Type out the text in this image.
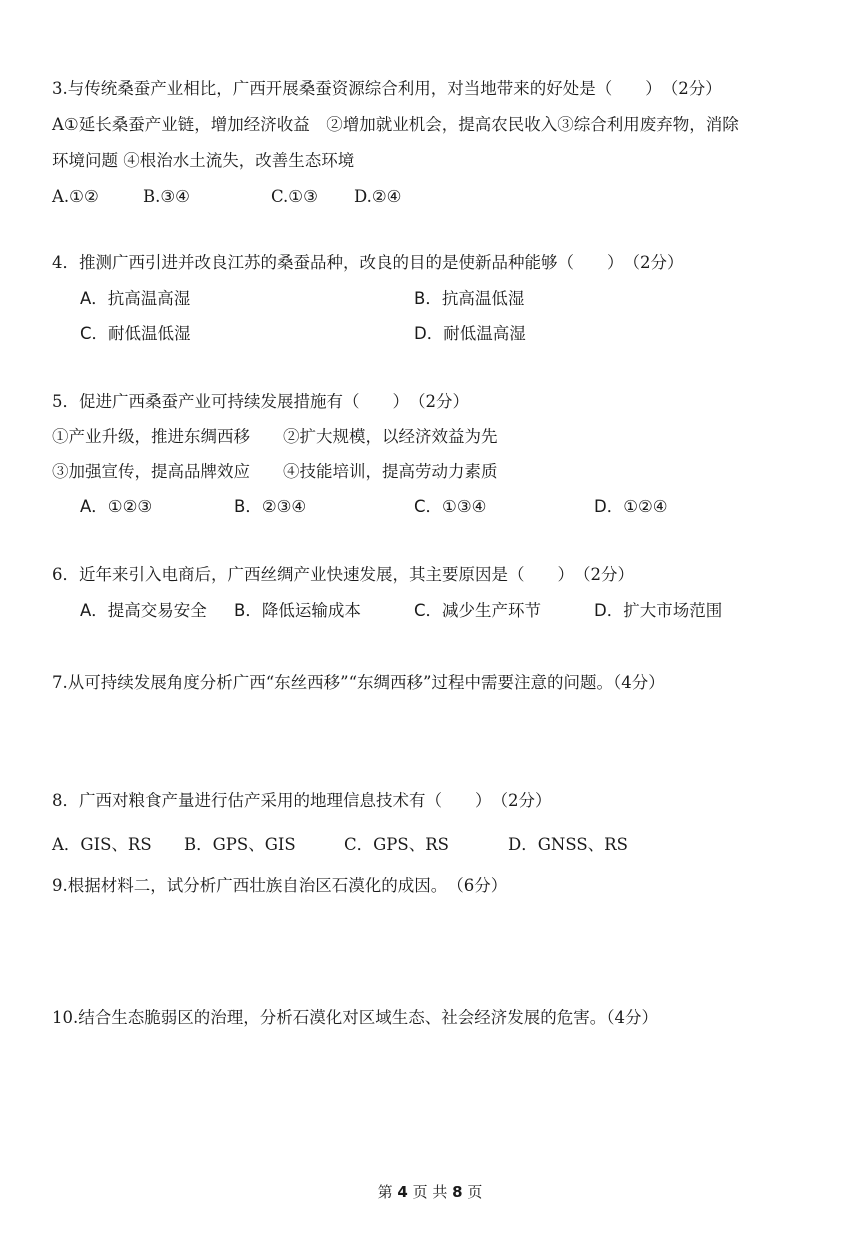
3.与传统桑蚕产业相比，广西开展桑蚕资源综合利用，对当地带来的好处是（　　）　（2分）
A①延长桑蚕产业链，增加经济收益　②增加就业机会，提高农民收入③综合利用废弃物，消除
环境问题 ④根治水土流失，改善生态环境
A.①②	B.③④	C.①③ D.②④
4．推测广西引进并改良江苏的桑蚕品种，改良的目的是使新品种能够（　　）　（2分）
A．抗高温高湿	B．抗高温低湿
C．耐低温低湿	D．耐低温高湿
5．促进广西桑蚕产业可持续发展措施有（　　）　（2分）
①产业升级，推进东绸西移　　②扩大规模，以经济效益为先
③加强宣传，提高品牌效应　　④技能培训，提高劳动力素质
A．①②③	B．②③④	C．①③④	D．①②④
6．近年来引入电商后，广西丝绸产业快速发展，其主要原因是（　　）　（2分）
A．提高交易安全 B．降低运输成本	C．减少生产环节	D．扩大市场范围
7.从可持续发展角度分析广西“东丝西移”“东绸西移”过程中需要注意的问题。（4分）
8．广西对粮食产量进行估产采用的地理信息技术有（　　）　（2分）
A．GIS、RS B．GPS、GIS	C．GPS、RS	D．GNSS、RS
9.根据材料二，试分析广西壮族自治区石漠化的成因。　（6分）
10.结合生态脆弱区的治理，分析石漠化对区域生态、社会经济发展的危害。（4分）
第 4 页 共 8 页
